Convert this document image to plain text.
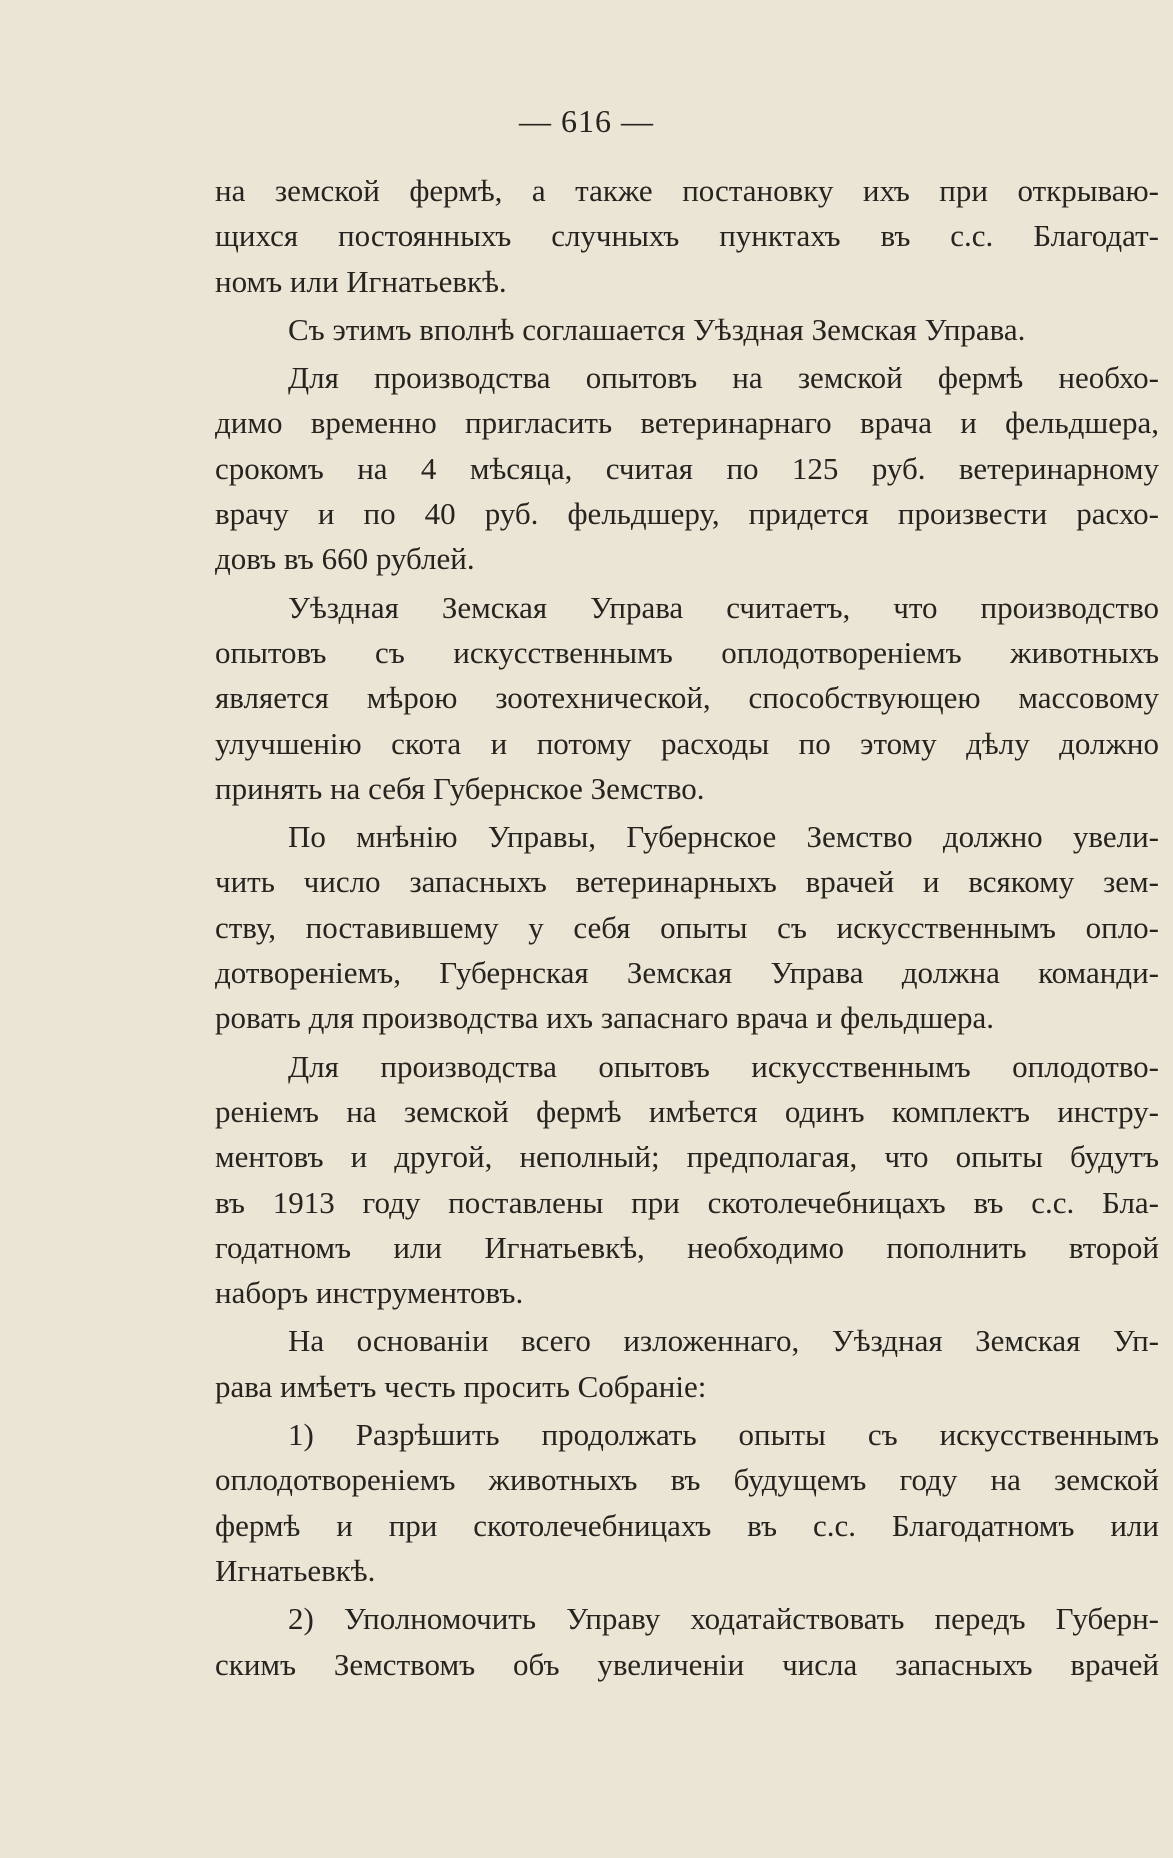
— 616 —
на земской фермѣ, а также постановку ихъ при открываю-
щихся постоянныхъ случныхъ пунктахъ въ с.с. Благодат-
номъ или Игнатьевкѣ.
Съ этимъ вполнѣ соглашается Уѣздная Земская Управа.
Для производства опытовъ на земской фермѣ необхо-
димо временно пригласить ветеринарнаго врача и фельдшера,
срокомъ на 4 мѣсяца, считая по 125 руб. ветеринарному
врачу и по 40 руб. фельдшеру, придется произвести расхо-
довъ въ 660 рублей.
Уѣздная Земская Управа считаетъ, что производство
опытовъ съ искусственнымъ оплодотворенiемъ животныхъ
является мѣрою зоотехнической, способствующею массовому
улучшенiю скота и потому расходы по этому дѣлу должно
принять на себя Губернское Земство.
По мнѣнiю Управы, Губернское Земство должно увели-
чить число запасныхъ ветеринарныхъ врачей и всякому зем-
ству, поставившему у себя опыты съ искусственнымъ опло-
дотворенiемъ, Губернская Земская Управа должна команди-
ровать для производства ихъ запаснаго врача и фельдшера.
Для производства опытовъ искусственнымъ оплодотво-
ренiемъ на земской фермѣ имѣется одинъ комплектъ инстру-
ментовъ и другой, неполный; предполагая, что опыты будутъ
въ 1913 году поставлены при скотолечебницахъ въ с.с. Бла-
годатномъ или Игнатьевкѣ, необходимо пополнить второй
наборъ инструментовъ.
На основанiи всего изложеннаго, Уѣздная Земская Уп-
рава имѣетъ честь просить Собранiе:
1) Разрѣшить продолжать опыты съ искусственнымъ
оплодотворенiемъ животныхъ въ будущемъ году на земской
фермѣ и при скотолечебницахъ въ с.с. Благодатномъ или
Игнатьевкѣ.
2) Уполномочить Управу ходатайствовать передъ Губерн-
скимъ Земствомъ объ увеличенiи числа запасныхъ врачей
